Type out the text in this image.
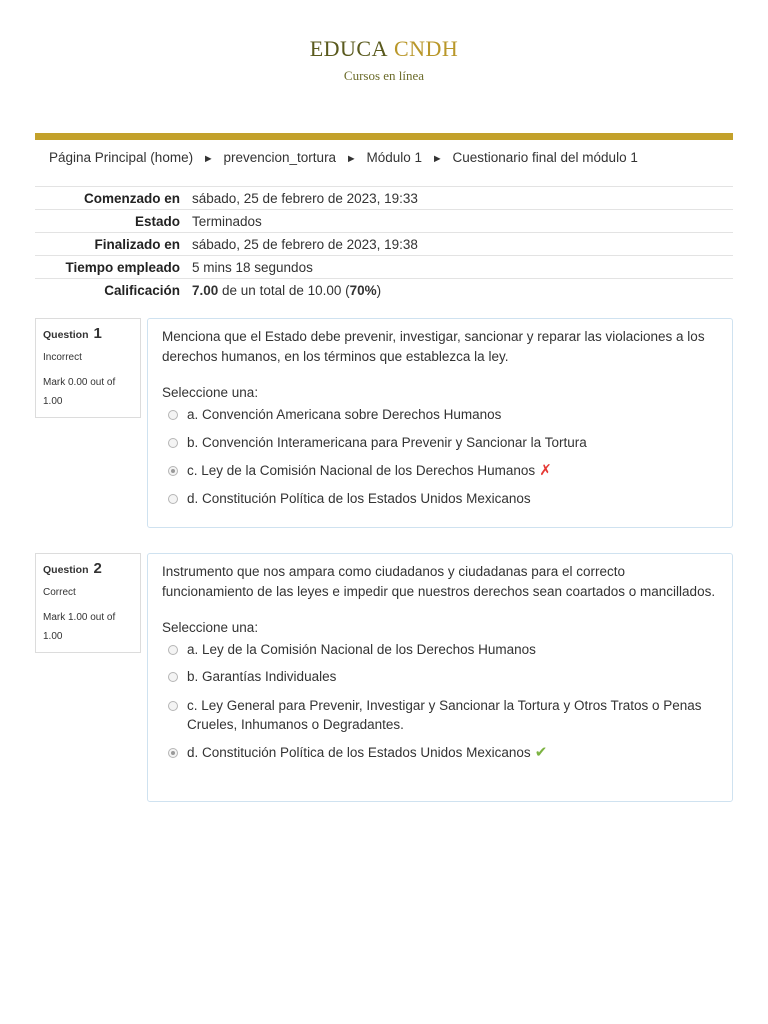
EDUCA CNDH
Cursos en línea
Página Principal (home) ► prevencion_tortura ► Módulo 1 ► Cuestionario final del módulo 1
Comenzado en	sábado, 25 de febrero de 2023, 19:33
Estado	Terminados
Finalizado en	sábado, 25 de febrero de 2023, 19:38
Tiempo empleado	5 mins 18 segundos
Calificación	7.00 de un total de 10.00 (70%)
Question 1
Incorrect
Mark 0.00 out of 1.00
Menciona que el Estado debe prevenir, investigar, sancionar y reparar las violaciones a los derechos humanos, en los términos que establezca la ley.
Seleccione una:
a. Convención Americana sobre Derechos Humanos
b. Convención Interamericana para Prevenir y Sancionar la Tortura
c. Ley de la Comisión Nacional de los Derechos Humanos ✗
d. Constitución Política de los Estados Unidos Mexicanos
Question 2
Correct
Mark 1.00 out of 1.00
Instrumento que nos ampara como ciudadanos y ciudadanas para el correcto funcionamiento de las leyes e impedir que nuestros derechos sean coartados o mancillados.
Seleccione una:
a. Ley de la Comisión Nacional de los Derechos Humanos
b. Garantías Individuales
c. Ley General para Prevenir, Investigar y Sancionar la Tortura y Otros Tratos o Penas Crueles, Inhumanos o Degradantes.
d. Constitución Política de los Estados Unidos Mexicanos ✔
